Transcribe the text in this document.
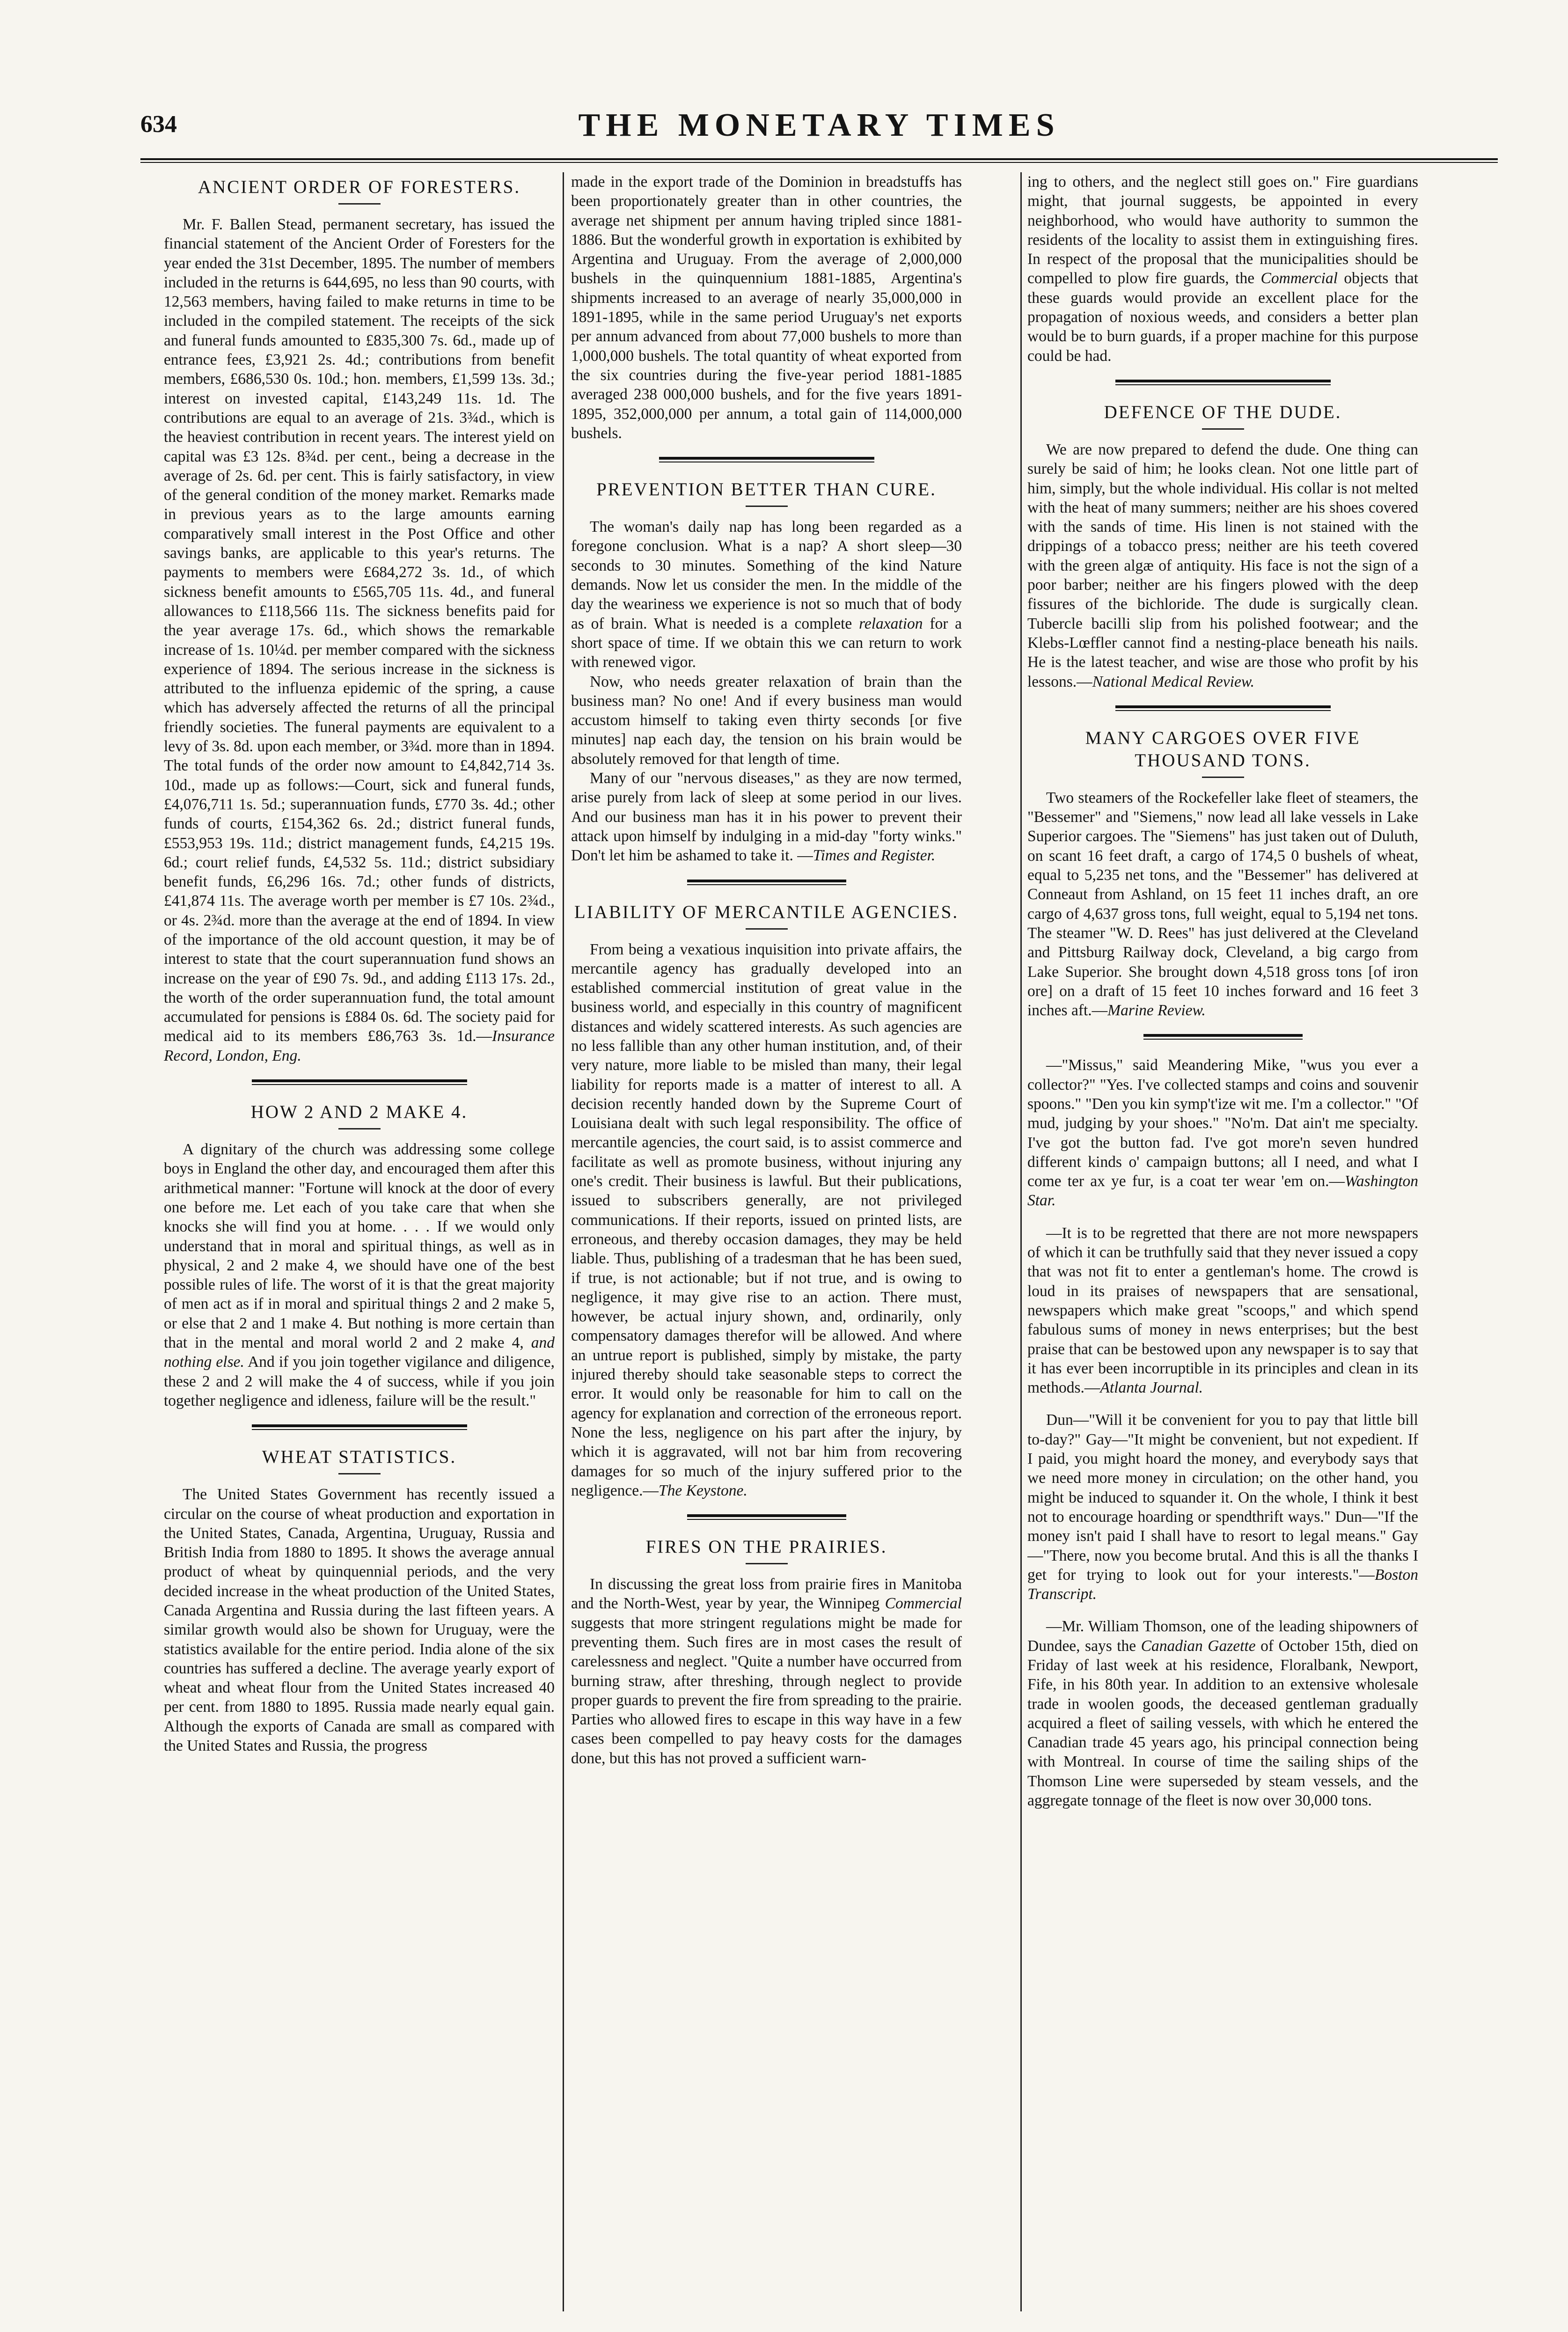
634	THE MONETARY TIMES
ANCIENT ORDER OF FORESTERS.

Mr. F. Ballen Stead, permanent secretary, has issued the financial statement of the Ancient Order of Foresters for the year ended the 31st December, 1895. The number of members included in the returns is 644,695, no less than 90 courts, with 12,563 members, having failed to make returns in time to be included in the compiled statement. The receipts of the sick and funeral funds amounted to £835,300 7s. 6d., made up of entrance fees, £3,921 2s. 4d.; contributions from benefit members, £686,530 0s. 10d.; hon. members, £1,599 13s. 3d.; interest on invested capital, £143,249 11s. 1d. The contributions are equal to an average of 21s. 3¾d., which is the heaviest contribution in recent years. The interest yield on capital was £3 12s. 8¾d. per cent., being a decrease in the average of 2s. 6d. per cent. This is fairly satisfactory, in view of the general condition of the money market. Remarks made in previous years as to the large amounts earning comparatively small interest in the Post Office and other savings banks, are applicable to this year's returns. The payments to members were £684,272 3s. 1d., of which sickness benefit amounts to £565,705 11s. 4d., and funeral allowances to £118,566 11s. The sickness benefits paid for the year average 17s. 6d., which shows the remarkable increase of 1s. 10¼d. per member compared with the sickness experience of 1894. The serious increase in the sickness is attributed to the influenza epidemic of the spring, a cause which has adversely affected the returns of all the principal friendly societies. The funeral payments are equivalent to a levy of 3s. 8d. upon each member, or 3¾d. more than in 1894. The total funds of the order now amount to £4,842,714 3s. 10d., made up as follows:—Court, sick and funeral funds, £4,076,711 1s. 5d.; superannuation funds, £770 3s. 4d.; other funds of courts, £154,362 6s. 2d.; district funeral funds, £553,953 19s. 11d.; district management funds, £4,215 19s. 6d.; court relief funds, £4,532 5s. 11d.; district subsidiary benefit funds, £6,296 16s. 7d.; other funds of districts, £41,874 11s. The average worth per member is £7 10s. 2¾d., or 4s. 2¾d. more than the average at the end of 1894. In view of the importance of the old account question, it may be of interest to state that the court superannuation fund shows an increase on the year of £90 7s. 9d., and adding £113 17s. 2d., the worth of the order superannuation fund, the total amount accumulated for pensions is £884 0s. 6d. The society paid for medical aid to its members £86,763 3s. 1d.—Insurance Record, London, Eng.

HOW 2 AND 2 MAKE 4.

A dignitary of the church was addressing some college boys in England the other day, and encouraged them after this arithmetical manner: "Fortune will knock at the door of every one before me. Let each of you take care that when she knocks she will find you at home. . . . If we would only understand that in moral and spiritual things, as well as in physical, 2 and 2 make 4, we should have one of the best possible rules of life. The worst of it is that the great majority of men act as if in moral and spiritual things 2 and 2 make 5, or else that 2 and 1 make 4. But nothing is more certain than that in the mental and moral world 2 and 2 make 4, and nothing else. And if you join together vigilance and diligence, these 2 and 2 will make the 4 of success, while if you join together negligence and idleness, failure will be the result."

WHEAT STATISTICS.

The United States Government has recently issued a circular on the course of wheat production and exportation in the United States, Canada, Argentina, Uruguay, Russia and British India from 1880 to 1895. It shows the average annual product of wheat by quinquennial periods, and the very decided increase in the wheat production of the United States, Canada Argentina and Russia during the last fifteen years. A similar growth would also be shown for Uruguay, were the statistics available for the entire period. India alone of the six countries has suffered a decline. The average yearly export of wheat and wheat flour from the United States increased 40 per cent. from 1880 to 1895. Russia made nearly equal gain. Although the exports of Canada are small as compared with the United States and Russia, the progress

made in the export trade of the Dominion in breadstuffs has been proportionately greater than in other countries, the average net shipment per annum having tripled since 1881-1886. But the wonderful growth in exportation is exhibited by Argentina and Uruguay. From the average of 2,000,000 bushels in the quinquennium 1881-1885, Argentina's shipments increased to an average of nearly 35,000,000 in 1891-1895, while in the same period Uruguay's net exports per annum advanced from about 77,000 bushels to more than 1,000,000 bushels. The total quantity of wheat exported from the six countries during the five-year period 1881-1885 averaged 238 000,000 bushels, and for the five years 1891-1895, 352,000,000 per annum, a total gain of 114,000,000 bushels.

PREVENTION BETTER THAN CURE.

The woman's daily nap has long been regarded as a foregone conclusion. What is a nap? A short sleep—30 seconds to 30 minutes. Something of the kind Nature demands. Now let us consider the men. In the middle of the day the weariness we experience is not so much that of body as of brain. What is needed is a complete relaxation for a short space of time. If we obtain this we can return to work with renewed vigor.

Now, who needs greater relaxation of brain than the business man? No one! And if every business man would accustom himself to taking even thirty seconds [or five minutes] nap each day, the tension on his brain would be absolutely removed for that length of time.

Many of our "nervous diseases," as they are now termed, arise purely from lack of sleep at some period in our lives. And our business man has it in his power to prevent their attack upon himself by indulging in a mid-day "forty winks." Don't let him be ashamed to take it. —Times and Register.

LIABILITY OF MERCANTILE AGENCIES.

From being a vexatious inquisition into private affairs, the mercantile agency has gradually developed into an established commercial institution of great value in the business world, and especially in this country of magnificent distances and widely scattered interests. As such agencies are no less fallible than any other human institution, and, of their very nature, more liable to be misled than many, their legal liability for reports made is a matter of interest to all. A decision recently handed down by the Supreme Court of Louisiana dealt with such legal responsibility. The office of mercantile agencies, the court said, is to assist commerce and facilitate as well as promote business, without injuring any one's credit. Their business is lawful. But their publications, issued to subscribers generally, are not privileged communications. If their reports, issued on printed lists, are erroneous, and thereby occasion damages, they may be held liable. Thus, publishing of a tradesman that he has been sued, if true, is not actionable; but if not true, and is owing to negligence, it may give rise to an action. There must, however, be actual injury shown, and, ordinarily, only compensatory damages therefor will be allowed. And where an untrue report is published, simply by mistake, the party injured thereby should take seasonable steps to correct the error. It would only be reasonable for him to call on the agency for explanation and correction of the erroneous report. None the less, negligence on his part after the injury, by which it is aggravated, will not bar him from recovering damages for so much of the injury suffered prior to the negligence.—The Keystone.

FIRES ON THE PRAIRIES.

In discussing the great loss from prairie fires in Manitoba and the North-West, year by year, the Winnipeg Commercial suggests that more stringent regulations might be made for preventing them. Such fires are in most cases the result of carelessness and neglect. "Quite a number have occurred from burning straw, after threshing, through neglect to provide proper guards to prevent the fire from spreading to the prairie. Parties who allowed fires to escape in this way have in a few cases been compelled to pay heavy costs for the damages done, but this has not proved a sufficient warn-

ing to others, and the neglect still goes on." Fire guardians might, that journal suggests, be appointed in every neighborhood, who would have authority to summon the residents of the locality to assist them in extinguishing fires. In respect of the proposal that the municipalities should be compelled to plow fire guards, the Commercial objects that these guards would provide an excellent place for the propagation of noxious weeds, and considers a better plan would be to burn guards, if a proper machine for this purpose could be had.

DEFENCE OF THE DUDE.

We are now prepared to defend the dude. One thing can surely be said of him; he looks clean. Not one little part of him, simply, but the whole individual. His collar is not melted with the heat of many summers; neither are his shoes covered with the sands of time. His linen is not stained with the drippings of a tobacco press; neither are his teeth covered with the green algæ of antiquity. His face is not the sign of a poor barber; neither are his fingers plowed with the deep fissures of the bichloride. The dude is surgically clean. Tubercle bacilli slip from his polished footwear; and the Klebs-Lœffler cannot find a nesting-place beneath his nails. He is the latest teacher, and wise are those who profit by his lessons.—National Medical Review.

MANY CARGOES OVER FIVE THOUSAND TONS.

Two steamers of the Rockefeller lake fleet of steamers, the "Bessemer" and "Siemens," now lead all lake vessels in Lake Superior cargoes. The "Siemens" has just taken out of Duluth, on scant 16 feet draft, a cargo of 174,5 0 bushels of wheat, equal to 5,235 net tons, and the "Bessemer" has delivered at Conneaut from Ashland, on 15 feet 11 inches draft, an ore cargo of 4,637 gross tons, full weight, equal to 5,194 net tons. The steamer "W. D. Rees" has just delivered at the Cleveland and Pittsburg Railway dock, Cleveland, a big cargo from Lake Superior. She brought down 4,518 gross tons [of iron ore] on a draft of 15 feet 10 inches forward and 16 feet 3 inches aft.—Marine Review.

—"Missus," said Meandering Mike, "wus you ever a collector?" "Yes. I've collected stamps and coins and souvenir spoons." "Den you kin symp't'ize wit me. I'm a collector." "Of mud, judging by your shoes." "No'm. Dat ain't me specialty. I've got the button fad. I've got more'n seven hundred different kinds o' campaign buttons; all I need, and what I come ter ax ye fur, is a coat ter wear 'em on.—Washington Star.

—It is to be regretted that there are not more newspapers of which it can be truthfully said that they never issued a copy that was not fit to enter a gentleman's home. The crowd is loud in its praises of newspapers that are sensational, newspapers which make great "scoops," and which spend fabulous sums of money in news enterprises; but the best praise that can be bestowed upon any newspaper is to say that it has ever been incorruptible in its principles and clean in its methods.—Atlanta Journal.

Dun—"Will it be convenient for you to pay that little bill to-day?" Gay—"It might be convenient, but not expedient. If I paid, you might hoard the money, and everybody says that we need more money in circulation; on the other hand, you might be induced to squander it. On the whole, I think it best not to encourage hoarding or spendthrift ways." Dun—"If the money isn't paid I shall have to resort to legal means." Gay—"There, now you become brutal. And this is all the thanks I get for trying to look out for your interests."—Boston Transcript.

—Mr. William Thomson, one of the leading shipowners of Dundee, says the Canadian Gazette of October 15th, died on Friday of last week at his residence, Floralbank, Newport, Fife, in his 80th year. In addition to an extensive wholesale trade in woolen goods, the deceased gentleman gradually acquired a fleet of sailing vessels, with which he entered the Canadian trade 45 years ago, his principal connection being with Montreal. In course of time the sailing ships of the Thomson Line were superseded by steam vessels, and the aggregate tonnage of the fleet is now over 30,000 tons.
